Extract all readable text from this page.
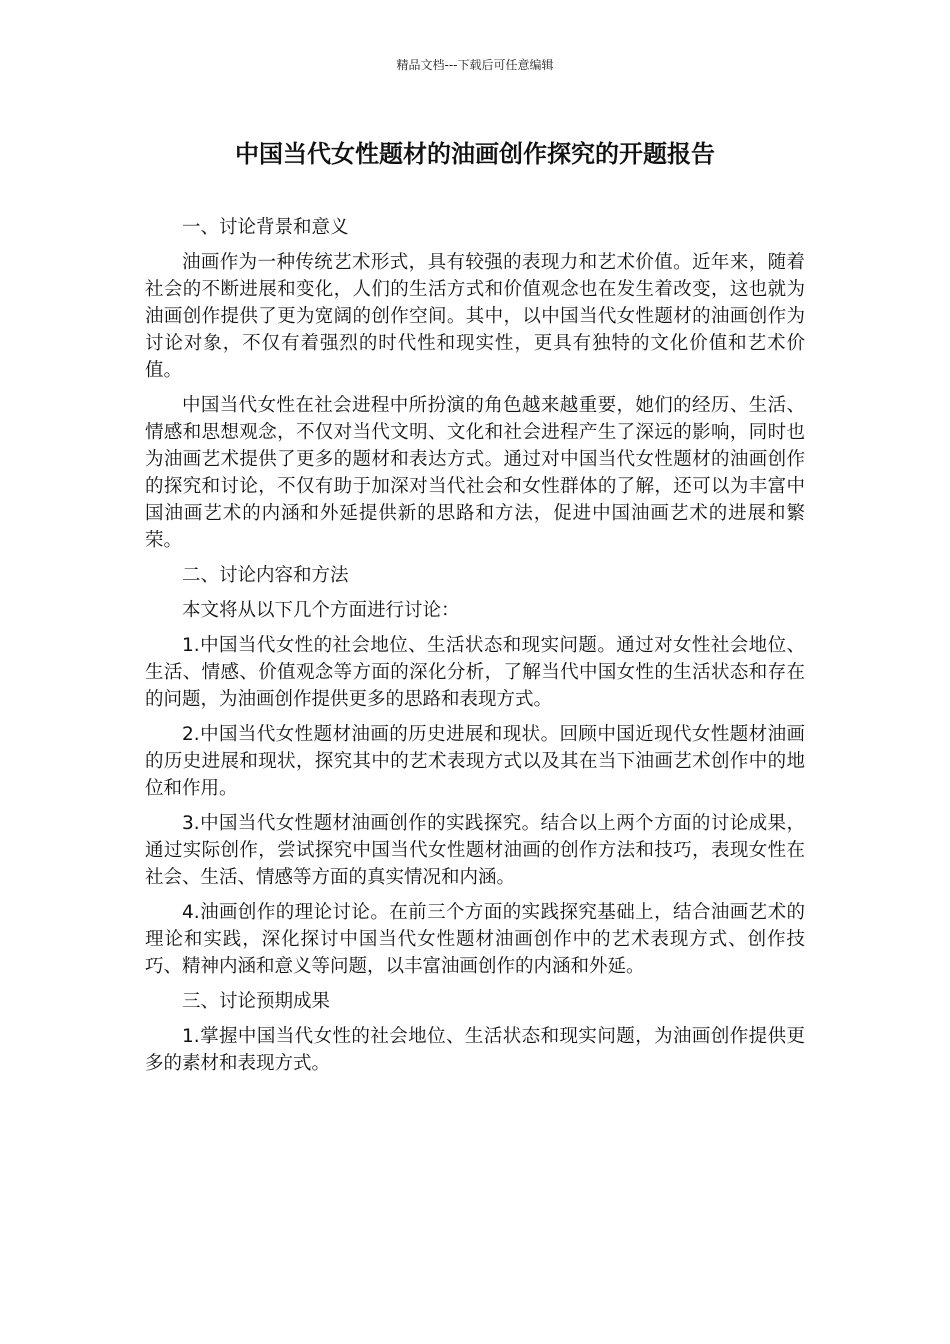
精品文档---下载后可任意编辑
中国当代女性题材的油画创作探究的开题报告
一、讨论背景和意义

油画作为一种传统艺术形式，具有较强的表现力和艺术价值。近年来，随着社会的不断进展和变化，人们的生活方式和价值观念也在发生着改变，这也就为油画创作提供了更为宽阔的创作空间。其中，以中国当代女性题材的油画创作为讨论对象，不仅有着强烈的时代性和现实性，更具有独特的文化价值和艺术价值。

中国当代女性在社会进程中所扮演的角色越来越重要，她们的经历、生活、情感和思想观念，不仅对当代文明、文化和社会进程产生了深远的影响，同时也为油画艺术提供了更多的题材和表达方式。通过对中国当代女性题材的油画创作的探究和讨论，不仅有助于加深对当代社会和女性群体的了解，还可以为丰富中国油画艺术的内涵和外延提供新的思路和方法，促进中国油画艺术的进展和繁荣。

二、讨论内容和方法

本文将从以下几个方面进行讨论：

1.中国当代女性的社会地位、生活状态和现实问题。通过对女性社会地位、生活、情感、价值观念等方面的深化分析，了解当代中国女性的生活状态和存在的问题，为油画创作提供更多的思路和表现方式。

2.中国当代女性题材油画的历史进展和现状。回顾中国近现代女性题材油画的历史进展和现状，探究其中的艺术表现方式以及其在当下油画艺术创作中的地位和作用。

3.中国当代女性题材油画创作的实践探究。结合以上两个方面的讨论成果，通过实际创作，尝试探究中国当代女性题材油画的创作方法和技巧，表现女性在社会、生活、情感等方面的真实情况和内涵。

4.油画创作的理论讨论。在前三个方面的实践探究基础上，结合油画艺术的理论和实践，深化探讨中国当代女性题材油画创作中的艺术表现方式、创作技巧、精神内涵和意义等问题，以丰富油画创作的内涵和外延。

三、讨论预期成果

1.掌握中国当代女性的社会地位、生活状态和现实问题，为油画创作提供更多的素材和表现方式。
